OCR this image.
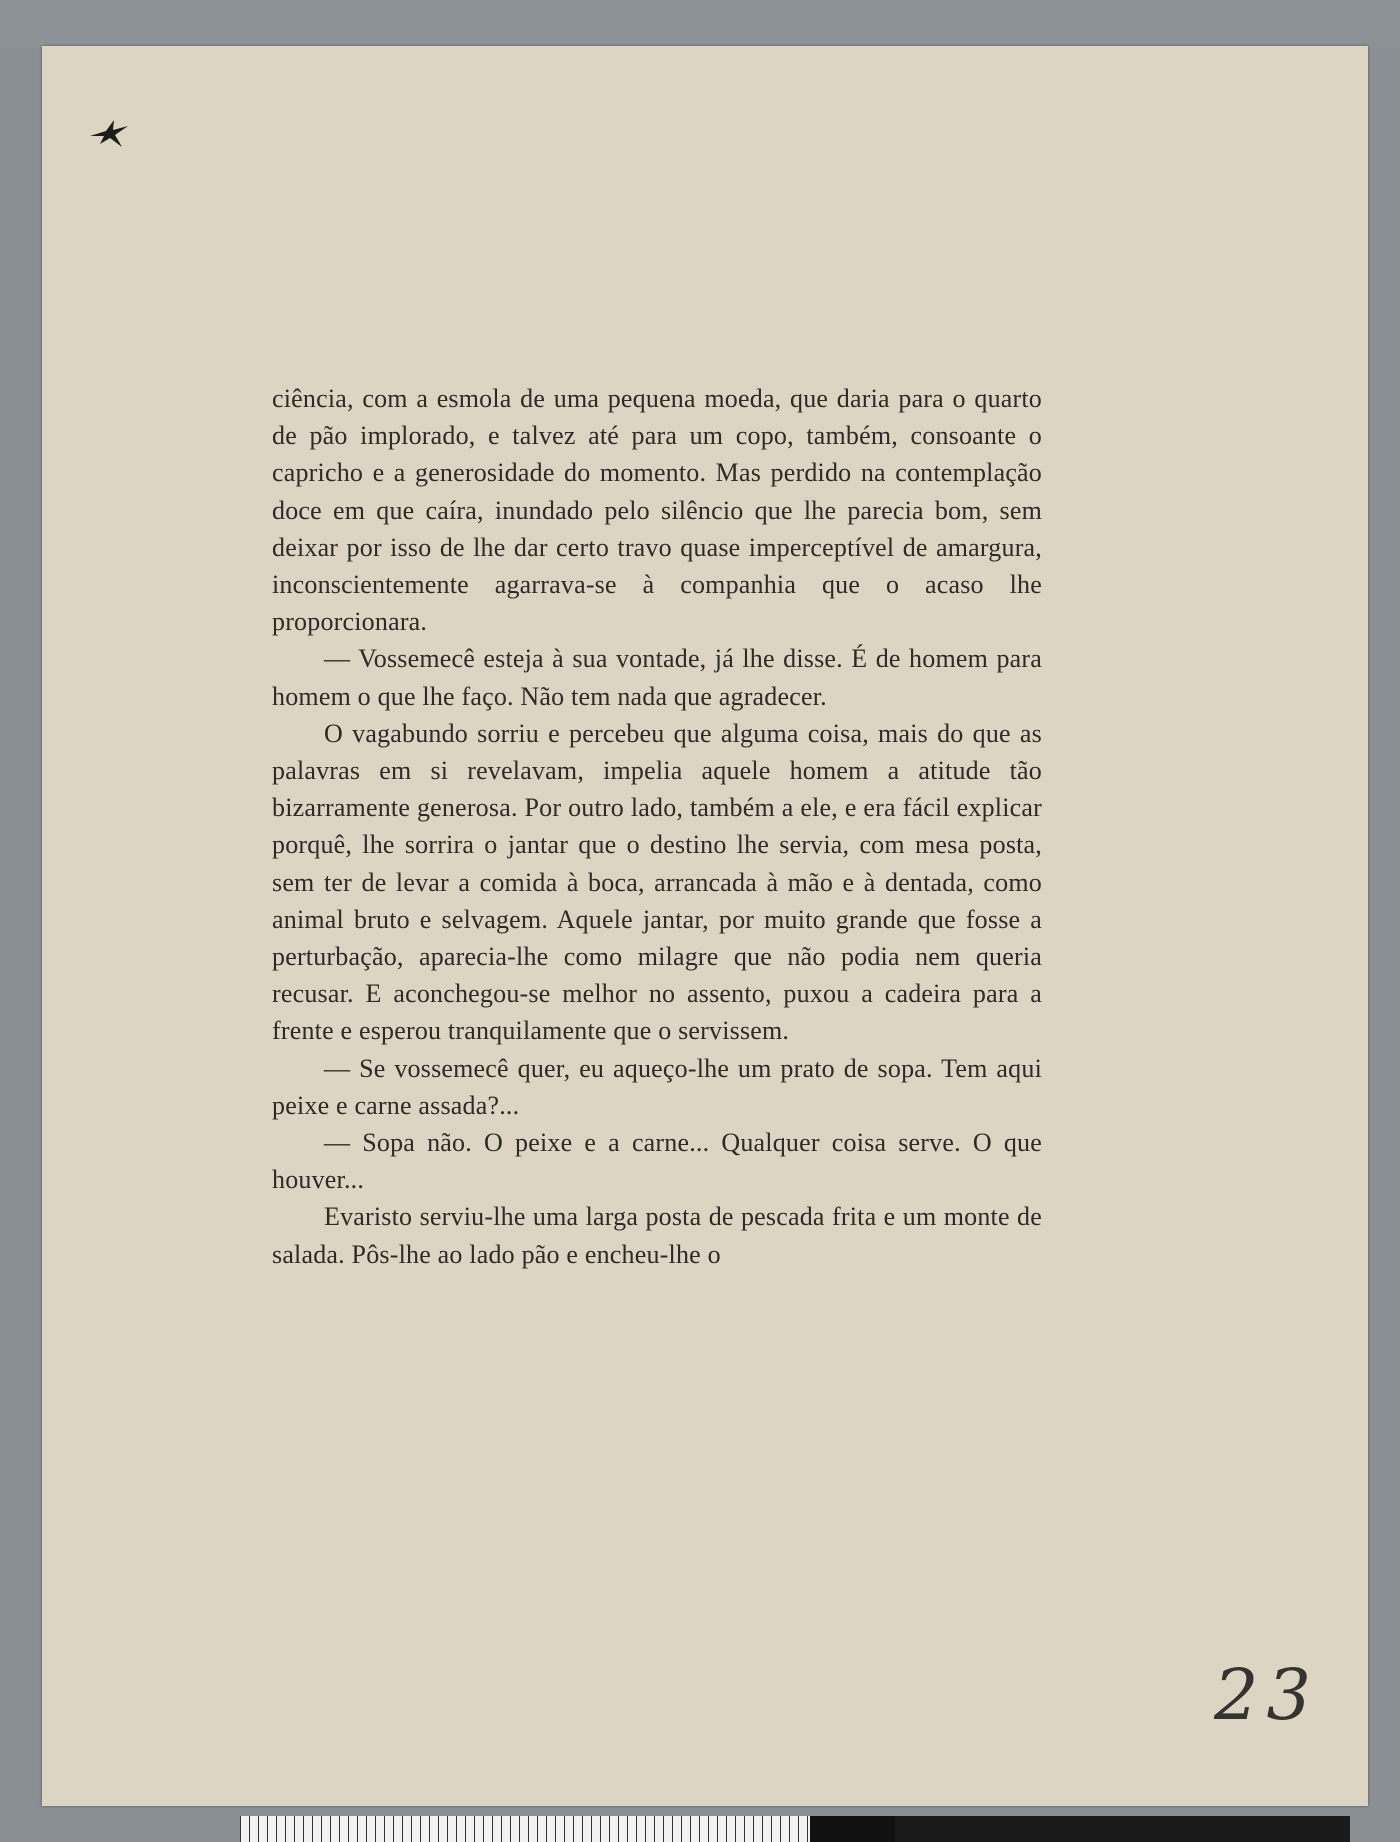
ciência, com a esmola de uma pequena moeda, que daria para o quarto de pão implorado, e talvez até para um copo, também, consoante o capricho e a generosidade do momento. Mas perdido na contemplação doce em que caíra, inundado pelo silêncio que lhe parecia bom, sem deixar por isso de lhe dar certo travo quase imperceptível de amargura, inconscientemente agarrava-se à companhia que o acaso lhe proporcionara.

— Vossemecê esteja à sua vontade, já lhe disse. É de homem para homem o que lhe faço. Não tem nada que agradecer.

O vagabundo sorriu e percebeu que alguma coisa, mais do que as palavras em si revelavam, impelia aquele homem a atitude tão bizarramente generosa. Por outro lado, também a ele, e era fácil explicar porquê, lhe sorrira o jantar que o destino lhe servia, com mesa posta, sem ter de levar a comida à boca, arrancada à mão e à dentada, como animal bruto e selvagem. Aquele jantar, por muito grande que fosse a perturbação, aparecia-lhe como milagre que não podia nem queria recusar. E aconchegou-se melhor no assento, puxou a cadeira para a frente e esperou tranquilamente que o servissem.

— Se vossemecê quer, eu aqueço-lhe um prato de sopa. Tem aqui peixe e carne assada?...

— Sopa não. O peixe e a carne... Qualquer coisa serve. O que houver...

Evaristo serviu-lhe uma larga posta de pescada frita e um monte de salada. Pôs-lhe ao lado pão e encheu-lhe o

23
